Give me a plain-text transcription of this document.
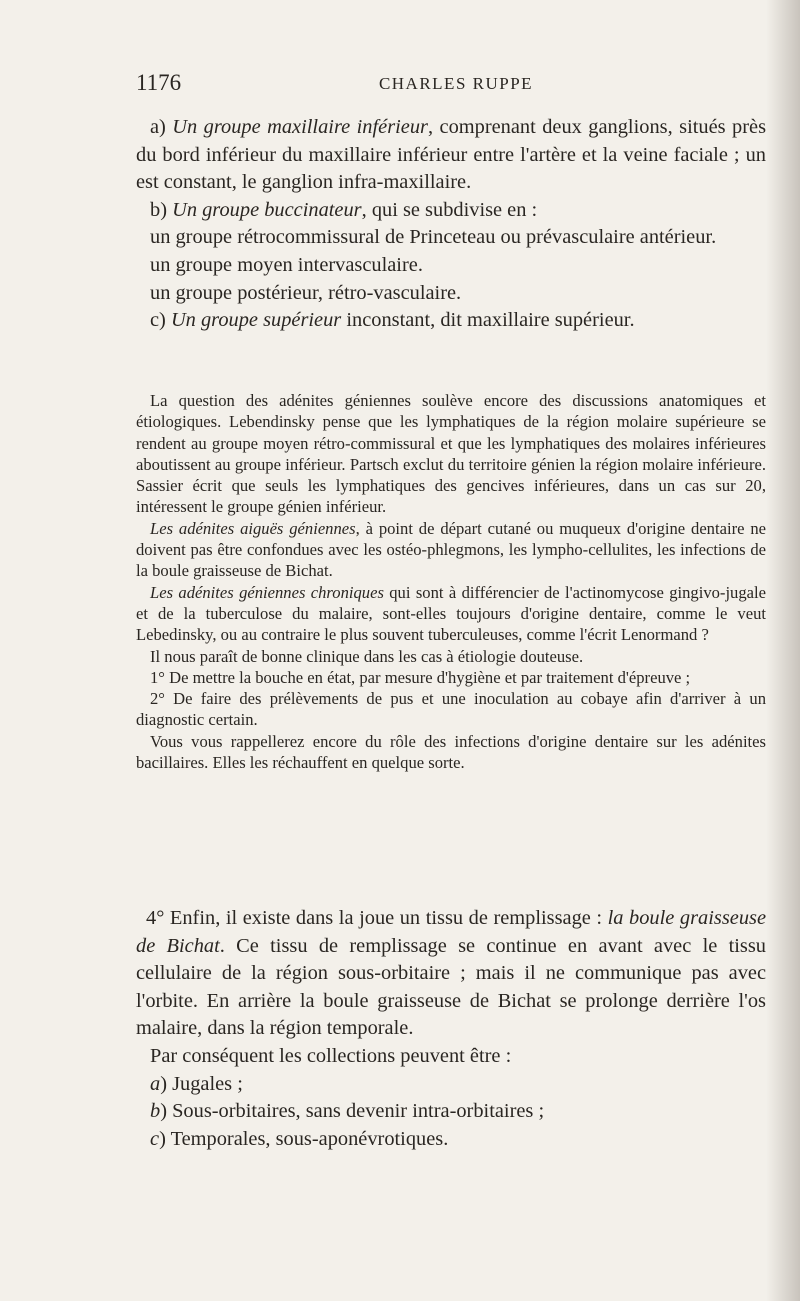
1176	CHARLES RUPPE

a) Un groupe maxillaire inférieur, comprenant deux ganglions, situés près du bord inférieur du maxillaire inférieur entre l'artère et la veine faciale ; un est constant, le ganglion infra-maxillaire.

b) Un groupe buccinateur, qui se subdivise en :

un groupe rétrocommissural de Princeteau ou prévasculaire antérieur.

un groupe moyen intervasculaire.

un groupe postérieur, rétro-vasculaire.

c) Un groupe supérieur inconstant, dit maxillaire supérieur.

La question des adénites géniennes soulève encore des discussions anatomiques et étiologiques. Lebendinsky pense que les lymphatiques de la région molaire supérieure se rendent au groupe moyen rétro-commissural et que les lymphatiques des molaires inférieures aboutissent au groupe inférieur. Partsch exclut du territoire génien la région molaire inférieure. Sassier écrit que seuls les lymphatiques des gencives inférieures, dans un cas sur 20, intéressent le groupe génien inférieur.

Les adénites aiguës géniennes, à point de départ cutané ou muqueux d'origine dentaire ne doivent pas être confondues avec les ostéo-phlegmons, les lympho-cellulites, les infections de la boule graisseuse de Bichat.

Les adénites géniennes chroniques qui sont à différencier de l'actinomycose gingivo-jugale et de la tuberculose du malaire, sont-elles toujours d'origine dentaire, comme le veut Lebedinsky, ou au contraire le plus souvent tuberculeuses, comme l'écrit Lenormand ?

Il nous paraît de bonne clinique dans les cas à étiologie douteuse.

1° De mettre la bouche en état, par mesure d'hygiène et par traitement d'épreuve ;

2° De faire des prélèvements de pus et une inoculation au cobaye afin d'arriver à un diagnostic certain.

Vous vous rappellerez encore du rôle des infections d'origine dentaire sur les adénites bacillaires. Elles les réchauffent en quelque sorte.

4° Enfin, il existe dans la joue un tissu de remplissage : la boule graisseuse de Bichat. Ce tissu de remplissage se continue en avant avec le tissu cellulaire de la région sous-orbitaire ; mais il ne communique pas avec l'orbite. En arrière la boule graisseuse de Bichat se prolonge derrière l'os malaire, dans la région temporale.

Par conséquent les collections peuvent être :

a) Jugales ;

b) Sous-orbitaires, sans devenir intra-orbitaires ;

c) Temporales, sous-aponévrotiques.
